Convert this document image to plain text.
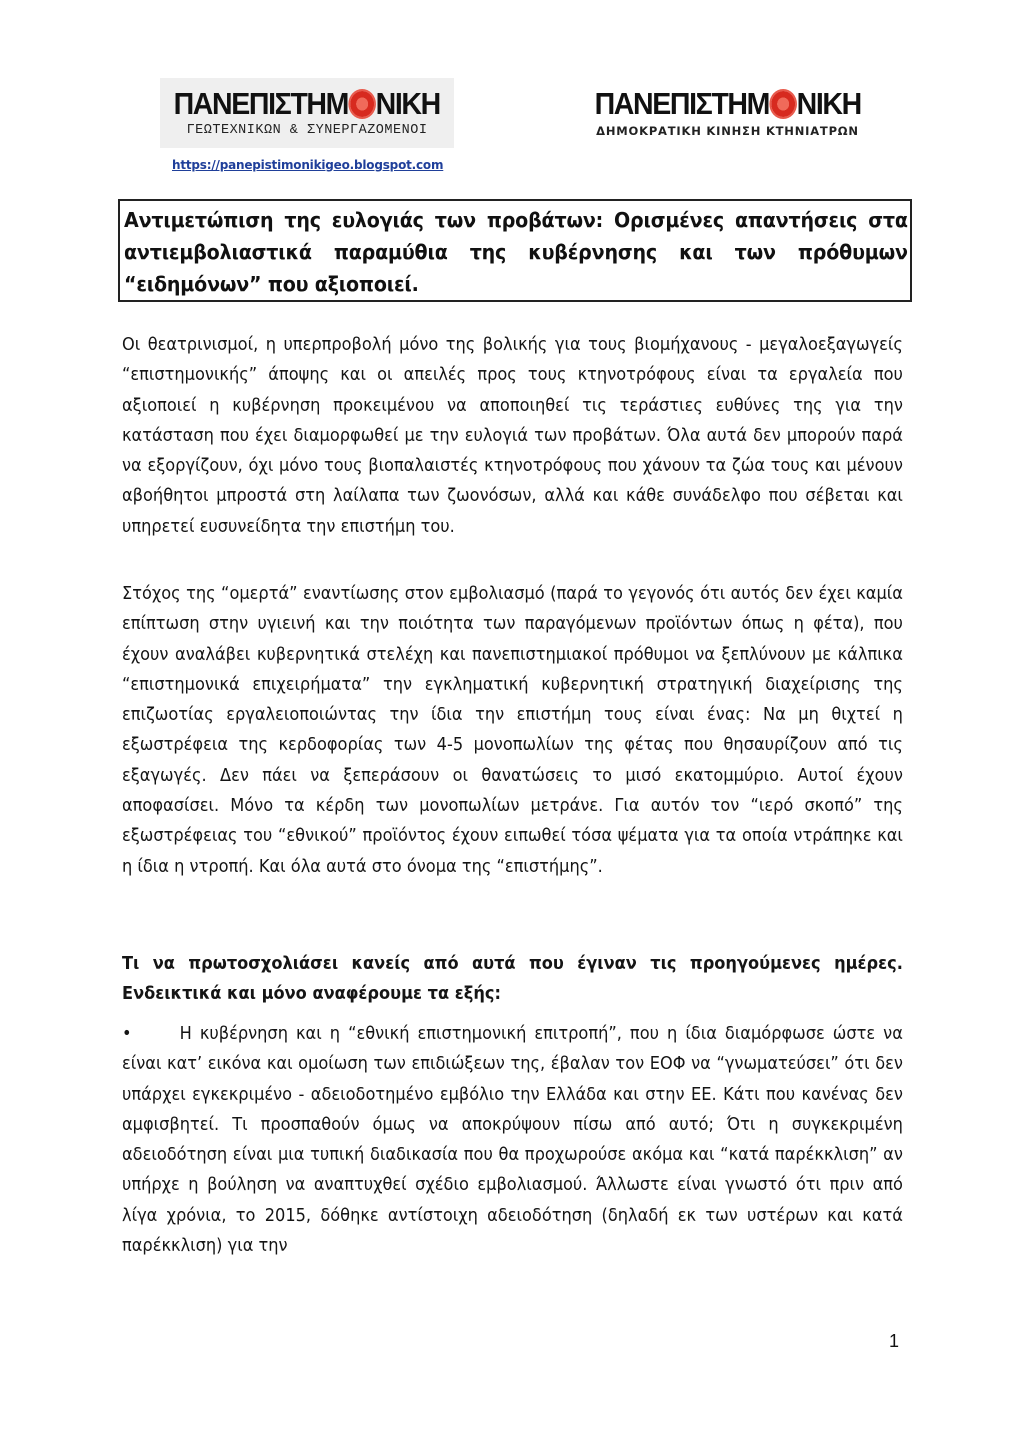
ΠΑΝΕΠΙΣΤΗΜ ΝΙΚΗ
ΓΕΩΤΕΧΝΙΚΩΝ & ΣΥΝΕΡΓΑΖΟΜΕΝΟΙ
ΠΑΝΕΠΙΣΤΗΜ ΝΙΚΗ
ΔΗΜΟΚΡΑΤΙΚΗ ΚΙΝΗΣΗ ΚΤΗΝΙΑΤΡΩΝ
https://panepistimonikigeo.blogspot.com

Αντιμετώπιση της ευλογιάς των προβάτων: Ορισμένες απαντήσεις στα αντιεμβολιαστικά παραμύθια της κυβέρνησης και των πρόθυμων “ειδημόνων” που αξιοποιεί.

Οι θεατρινισμοί, η υπερπροβολή μόνο της βολικής για τους βιομήχανους - μεγαλοεξαγωγείς “επιστημονικής” άποψης και οι απειλές προς τους κτηνοτρόφους είναι τα εργαλεία που αξιοποιεί η κυβέρνηση προκειμένου να αποποιηθεί τις τεράστιες ευθύνες της για την κατάσταση που έχει διαμορφωθεί με την ευλογιά των προβάτων. Όλα αυτά δεν μπορούν παρά να εξοργίζουν, όχι μόνο τους βιοπαλαιστές κτηνοτρόφους που χάνουν τα ζώα τους και μένουν αβοήθητοι μπροστά στη λαίλαπα των ζωονόσων, αλλά και κάθε συνάδελφο που σέβεται και υπηρετεί ευσυνείδητα την επιστήμη του.

Στόχος της “ομερτά” εναντίωσης στον εμβολιασμό (παρά το γεγονός ότι αυτός δεν έχει καμία επίπτωση στην υγιεινή και την ποιότητα των παραγόμενων προϊόντων όπως η φέτα), που έχουν αναλάβει κυβερνητικά στελέχη και πανεπιστημιακοί πρόθυμοι να ξεπλύνουν με κάλπικα “επιστημονικά επιχειρήματα” την εγκληματική κυβερνητική στρατηγική διαχείρισης της επιζωοτίας εργαλειοποιώντας την ίδια την επιστήμη τους είναι ένας: Να μη θιχτεί η εξωστρέφεια της κερδοφορίας των 4-5 μονοπωλίων της φέτας που θησαυρίζουν από τις εξαγωγές. Δεν πάει να ξεπεράσουν οι θανατώσεις το μισό εκατομμύριο. Αυτοί έχουν αποφασίσει. Μόνο τα κέρδη των μονοπωλίων μετράνε. Για αυτόν τον “ιερό σκοπό” της εξωστρέφειας του “εθνικού” προϊόντος έχουν ειπωθεί τόσα ψέματα για τα οποία ντράπηκε και η ίδια η ντροπή. Και όλα αυτά στο όνομα της “επιστήμης”.

Τι να πρωτοσχολιάσει κανείς από αυτά που έγιναν τις προηγούμενες ημέρες. Ενδεικτικά και μόνο αναφέρουμε τα εξής:

•	Η κυβέρνηση και η “εθνική επιστημονική επιτροπή”, που η ίδια διαμόρφωσε ώστε να είναι κατ’ εικόνα και ομοίωση των επιδιώξεων της, έβαλαν τον ΕΟΦ να “γνωματεύσει” ότι δεν υπάρχει εγκεκριμένο - αδειοδοτημένο εμβόλιο την Ελλάδα και στην ΕΕ. Κάτι που κανένας δεν αμφισβητεί. Τι προσπαθούν όμως να αποκρύψουν πίσω από αυτό; Ότι η συγκεκριμένη αδειοδότηση είναι μια τυπική διαδικασία που θα προχωρούσε ακόμα και “κατά παρέκκλιση” αν υπήρχε η βούληση να αναπτυχθεί σχέδιο εμβολιασμού. Άλλωστε είναι γνωστό ότι πριν από λίγα χρόνια, το 2015, δόθηκε αντίστοιχη αδειοδότηση (δηλαδή εκ των υστέρων και κατά παρέκκλιση) για την

1
